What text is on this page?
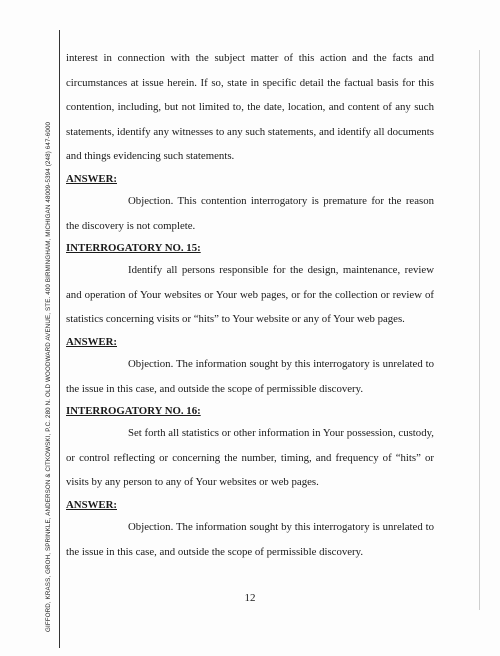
GIFFORD, KRASS, GROH, SPRINKLE, ANDERSON & CITKOWSKI, P.C. 280 N. OLD WOODWARD AVENUE, STE. 400 BIRMINGHAM, MICHIGAN 48009-5394 (248) 647-6000

interest in connection with the subject matter of this action and the facts and circumstances at issue herein. If so, state in specific detail the factual basis for this contention, including, but not limited to, the date, location, and content of any such statements, identify any witnesses to any such statements, and identify all documents and things evidencing such statements.

ANSWER:

Objection. This contention interrogatory is premature for the reason the discovery is not complete.

INTERROGATORY NO. 15:

Identify all persons responsible for the design, maintenance, review and operation of Your websites or Your web pages, or for the collection or review of statistics concerning visits or “hits” to Your website or any of Your web pages.

ANSWER:

Objection. The information sought by this interrogatory is unrelated to the issue in this case, and outside the scope of permissible discovery.

INTERROGATORY NO. 16:

Set forth all statistics or other information in Your possession, custody, or control reflecting or concerning the number, timing, and frequency of “hits” or visits by any person to any of Your websites or web pages.

ANSWER:

Objection. The information sought by this interrogatory is unrelated to the issue in this case, and outside the scope of permissible discovery.

12
